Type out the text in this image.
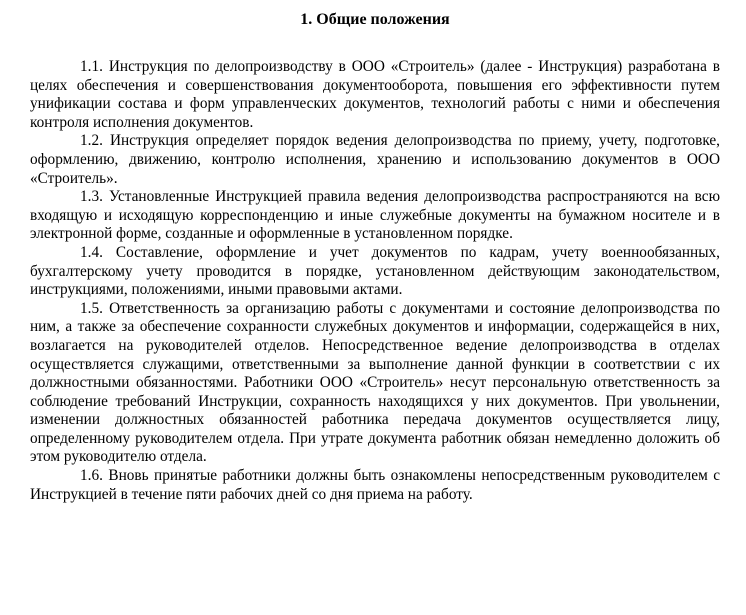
1. Общие положения

1.1. Инструкция по делопроизводству в ООО «Строитель» (далее - Инструкция) разработана в целях обеспечения и совершенствования документооборота, повышения его эффективности путем унификации состава и форм управленческих документов, технологий работы с ними и обеспечения контроля исполнения документов.

1.2. Инструкция определяет порядок ведения делопроизводства по приему, учету, подготовке, оформлению, движению, контролю исполнения, хранению и использованию документов в ООО «Строитель».

1.3. Установленные Инструкцией правила ведения делопроизводства распространяются на всю входящую и исходящую корреспонденцию и иные служебные документы на бумажном носителе и в электронной форме, созданные и оформленные в установленном порядке.

1.4. Составление, оформление и учет документов по кадрам, учету военнообязанных, бухгалтерскому учету проводится в порядке, установленном действующим законодательством, инструкциями, положениями, иными правовыми актами.

1.5. Ответственность за организацию работы с документами и состояние делопроизводства по ним, а также за обеспечение сохранности служебных документов и информации, содержащейся в них, возлагается на руководителей отделов. Непосредственное ведение делопроизводства в отделах осуществляется служащими, ответственными за выполнение данной функции в соответствии с их должностными обязанностями. Работники ООО «Строитель» несут персональную ответственность за соблюдение требований Инструкции, сохранность находящихся у них документов. При увольнении, изменении должностных обязанностей работника передача документов осуществляется лицу, определенному руководителем отдела. При утрате документа работник обязан немедленно доложить об этом руководителю отдела.

1.6. Вновь принятые работники должны быть ознакомлены непосредственным руководителем с Инструкцией в течение пяти рабочих дней со дня приема на работу.
